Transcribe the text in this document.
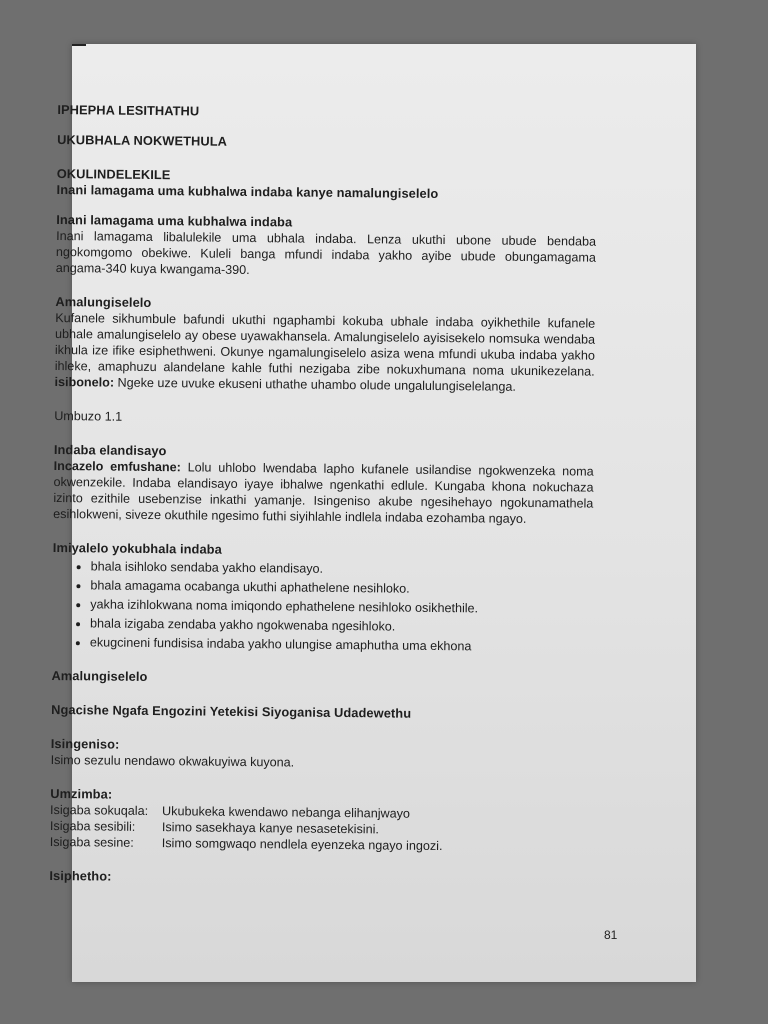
IPHEPHA LESITHATHU

UKUBHALA NOKWETHULA

OKULINDELEKILE

Inani lamagama uma kubhalwa indaba kanye namalungiselelo

Inani lamagama uma kubhalwa indaba

Inani lamagama libalulekile uma ubhala indaba. Lenza ukuthi ubone ubude bendaba ngokomgomo obekiwe. Kuleli banga mfundi indaba yakho ayibe ubude obungamagama angama-340 kuya kwangama-390.

Amalungiselelo

Kufanele sikhumbule bafundi ukuthi ngaphambi kokuba ubhale indaba oyikhethile kufanele ubhale amalungiselelo ay obese uyawakhansela. Amalungiselelo ayisisekelo nomsuka wendaba ikhula ize ifike esiphethweni. Okunye ngamalungiselelo asiza wena mfundi ukuba indaba yakho ihleke, amaphuzu alandelane kahle futhi nezigaba zibe nokuxhumana noma ukunikezelana. isibonelo: Ngeke uze uvuke ekuseni uthathe uhambo olude ungalulungiselelanga.

Umbuzo 1.1

Indaba elandisayo

Incazelo emfushane: Lolu uhlobo lwendaba lapho kufanele usilandise ngokwenzeka noma okwenzekile. Indaba elandisayo iyaye ibhalwe ngenkathi edlule. Kungaba khona nokuchaza izinto ezithile usebenzise inkathi yamanje. Isingeniso akube ngesihehayo ngokunamathela esihlokweni, siveze okuthile ngesimo futhi siyihlahle indlela indaba ezohamba ngayo.

Imiyalelo yokubhala indaba

• bhala isihloko sendaba yakho elandisayo.
• bhala amagama ocabanga ukuthi aphathelene nesihloko.
• yakha izihlokwana noma imiqondo ephathelene nesihloko osikhethile.
• bhala izigaba zendaba yakho ngokwenaba ngesihloko.
• ekugcineni fundisisa indaba yakho ulungise amaphutha uma ekhona

Amalungiselelo

Ngacishe Ngafa Engozini Yetekisi Siyoganisa Udadewethu

Isingeniso:

Isimo sezulu nendawo okwakuyiwa kuyona.

Umzimba:

Isigaba sokuqala:	Ukubukeka kwendawo nebanga elihanjwayo
Isigaba sesibili:	Isimo sasekhaya kanye nesasetekisini.
Isigaba sesine:	Isimo somgwaqo nendlela eyenzeka ngayo ingozi.

Isiphetho:

81
